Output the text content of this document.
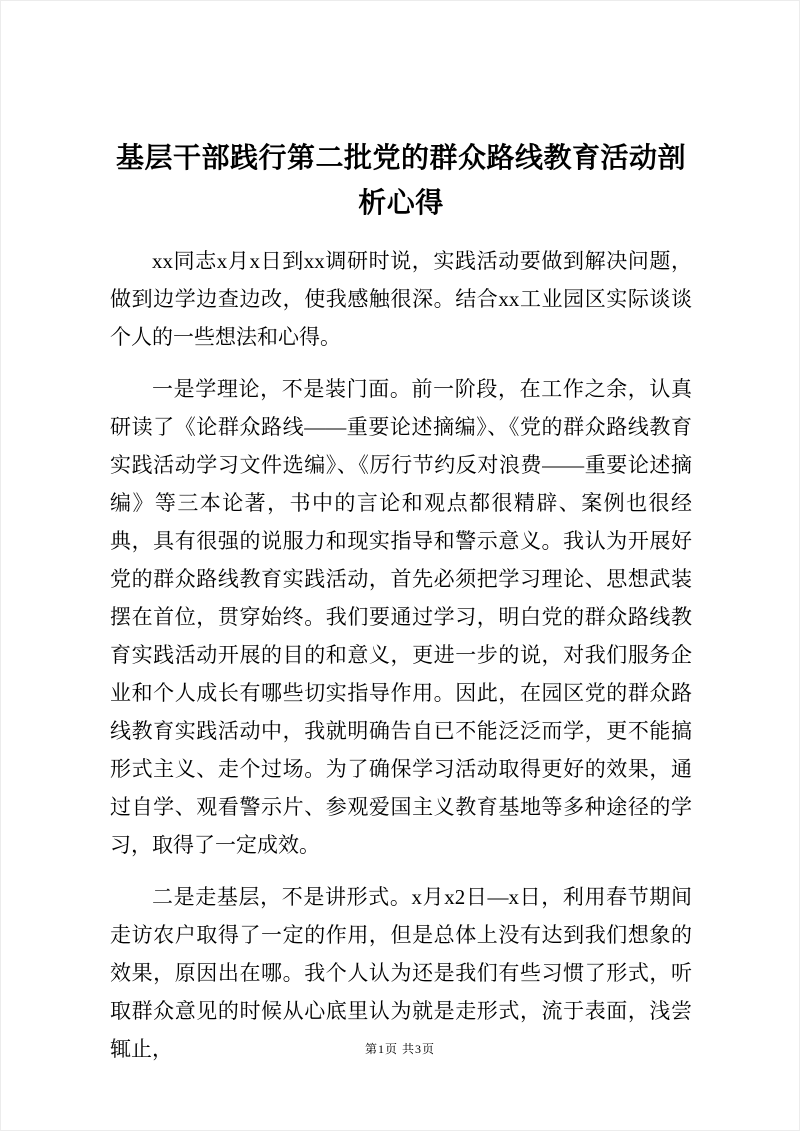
基层干部践行第二批党的群众路线教育活动剖析心得

xx同志x月x日到xx调研时说，实践活动要做到解决问题，做到边学边查边改，使我感触很深。结合xx工业园区实际谈谈个人的一些想法和心得。

一是学理论，不是装门面。前一阶段，在工作之余，认真研读了《论群众路线——重要论述摘编》、《党的群众路线教育实践活动学习文件选编》、《厉行节约反对浪费——重要论述摘编》等三本论著，书中的言论和观点都很精辟、案例也很经典，具有很强的说服力和现实指导和警示意义。我认为开展好党的群众路线教育实践活动，首先必须把学习理论、思想武装摆在首位，贯穿始终。我们要通过学习，明白党的群众路线教育实践活动开展的目的和意义，更进一步的说，对我们服务企业和个人成长有哪些切实指导作用。因此，在园区党的群众路线教育实践活动中，我就明确告自已不能泛泛而学，更不能搞形式主义、走个过场。为了确保学习活动取得更好的效果，通过自学、观看警示片、参观爱国主义教育基地等多种途径的学习，取得了一定成效。

二是走基层，不是讲形式。x月x2日—x日，利用春节期间走访农户取得了一定的作用，但是总体上没有达到我们想象的效果，原因出在哪。我个人认为还是我们有些习惯了形式，听取群众意见的时候从心底里认为就是走形式，流于表面，浅尝辄止，	第1页 共3页
